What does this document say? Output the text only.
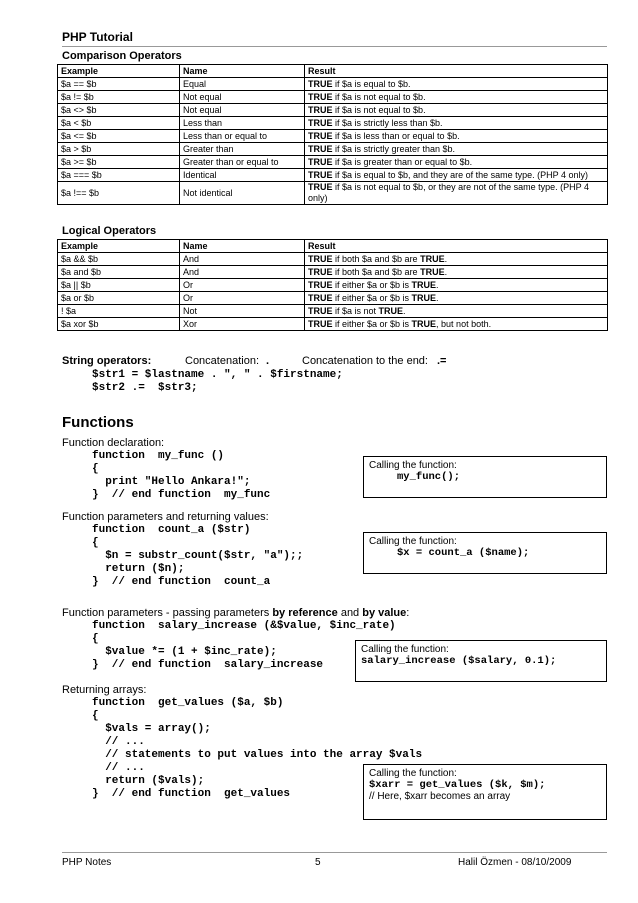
PHP Tutorial
Comparison Operators
Example	Name	Result
$a == $b	Equal	TRUE if $a is equal to $b.
$a != $b	Not equal	TRUE if $a is not equal to $b.
$a <> $b	Not equal	TRUE if $a is not equal to $b.
$a < $b	Less than	TRUE if $a is strictly less than $b.
$a <= $b	Less than or equal to	TRUE if $a is less than or equal to $b.
$a > $b	Greater than	TRUE if $a is strictly greater than $b.
$a >= $b	Greater than or equal to	TRUE if $a is greater than or equal to $b.
$a === $b	Identical	TRUE if $a is equal to $b, and they are of the same type. (PHP 4 only)
$a !== $b	Not identical	TRUE if $a is not equal to $b, or they are not of the same type. (PHP 4 only)
Logical Operators
Example	Name	Result
$a && $b	And	TRUE if both $a and $b are TRUE.
$a and $b	And	TRUE if both $a and $b are TRUE.
$a || $b	Or	TRUE if either $a or $b is TRUE.
$a or $b	Or	TRUE if either $a or $b is TRUE.
! $a	Not	TRUE if $a is not TRUE.
$a xor $b	Xor	TRUE if either $a or $b is TRUE, but not both.
String operators:	Concatenation: .	Concatenation to the end: .=
$str1 = $lastname . ", " . $firstname;
$str2 .=  $str3;
Functions
Function declaration:
function  my_func ()
{
print "Hello Ankara!";
}  // end function  my_func
Calling the function:
my_func();
Function parameters and returning values:
function  count_a ($str)
{
$n = substr_count($str, "a");;
return ($n);
}  // end function  count_a
Calling the function:
$x = count_a ($name);
Function parameters - passing parameters by reference and by value:
function  salary_increase (&$value, $inc_rate)
{
$value *= (1 + $inc_rate);
}  // end function  salary_increase
Calling the function:
salary_increase ($salary, 0.1);
Returning arrays:
function  get_values ($a, $b)
{
$vals = array();
// ...
// statements to put values into the array $vals
// ...
return ($vals);
}  // end function  get_values
Calling the function:
$xarr = get_values ($k, $m);
// Here, $xarr becomes an array
PHP Notes	5	Halil Özmen - 08/10/2009
